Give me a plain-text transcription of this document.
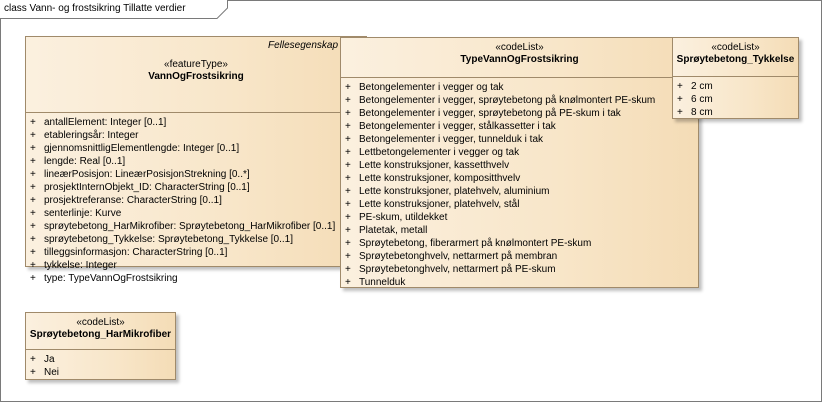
class Vann- og frostsikring Tillatte verdier
«featureType»
VannOgFrostsikring
+ antallElement: Integer [0..1]
+ etableringsår: Integer
+ gjennomsnittligElementlengde: Integer [0..1]
+ lengde: Real [0..1]
+ lineærPosisjon: LineærPosisjonStrekning [0..*]
+ prosjektInternObjekt_ID: CharacterString [0..1]
+ prosjektreferanse: CharacterString [0..1]
+ senterlinje: Kurve
+ sprøytebetong_HarMikrofiber: Sprøytebetong_HarMikrofiber [0..1]
+ sprøytebetong_Tykkelse: Sprøytebetong_Tykkelse [0..1]
+ tilleggsinformasjon: CharacterString [0..1]
+ tykkelse: Integer
+ type: TypeVannOgFrostsikring
Fellesegenskap	«codeList»
TypeVannOgFrostsikring
+ Betongelementer i vegger og tak
+ Betongelementer i vegger, sprøytebetong på knølmontert PE-skum
+ Betongelementer i vegger, sprøytebetong på PE-skum i tak
+ Betongelementer i vegger, stålkassetter i tak
+ Betongelementer i vegger, tunnelduk i tak
+ Lettbetongelementer i vegger og tak
+ Lette konstruksjoner, kassetthvelv
+ Lette konstruksjoner, kompositthvelv
+ Lette konstruksjoner, platehvelv, aluminium
+ Lette konstruksjoner, platehvelv, stål
+ PE-skum, utildekket
+ Platetak, metall
+ Sprøytebetong, fiberarmert på knølmontert PE-skum
+ Sprøytebetonghvelv, nettarmert på membran
+ Sprøytebetonghvelv, nettarmert på PE-skum
+ Tunnelduk
«codeList»
Sprøytebetong_Tykkelse
+ 2 cm
+ 6 cm
+ 8 cm
«codeList»
Sprøytebetong_HarMikrofiber
+ Ja
+ Nei
